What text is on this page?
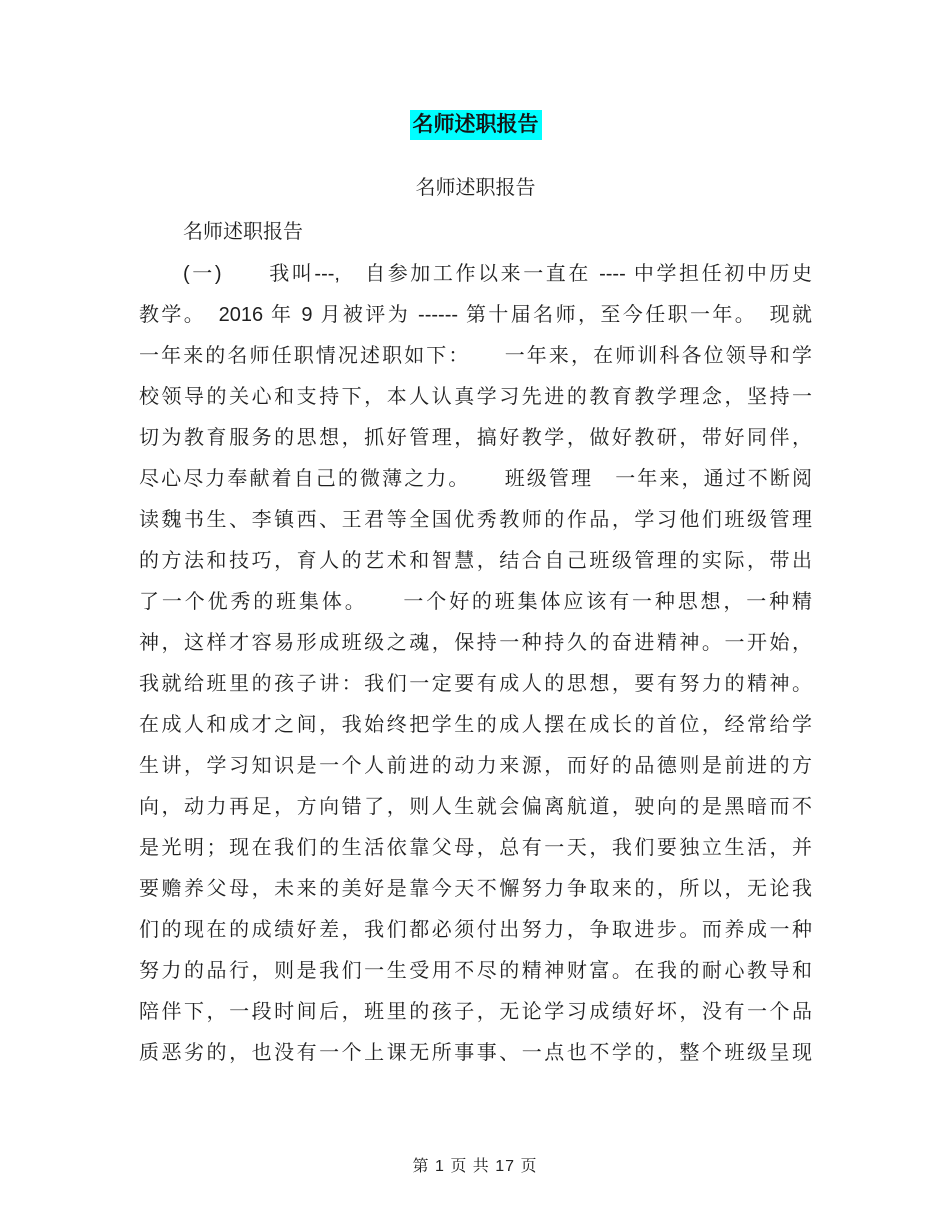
名师述职报告
名师述职报告
名师述职报告
(一)　　我叫---,　自参加工作以来一直在 ---- 中学担任初中历史
教学。　2016 年 9 月被评为 ------ 第十届名师，至今任职一年。　现就
一年来的名师任职情况述职如下：　　一年来，在师训科各位领导和学
校领导的关心和支持下，本人认真学习先进的教育教学理念，坚持一
切为教育服务的思想，抓好管理，搞好教学，做好教研，带好同伴，
尽心尽力奉献着自己的微薄之力。　　班级管理　一年来，通过不断阅
读魏书生、李镇西、王君等全国优秀教师的作品，学习他们班级管理
的方法和技巧，育人的艺术和智慧，结合自己班级管理的实际，带出
了一个优秀的班集体。　　一个好的班集体应该有一种思想，一种精
神，这样才容易形成班级之魂，保持一种持久的奋进精神。一开始，
我就给班里的孩子讲：我们一定要有成人的思想，要有努力的精神。
在成人和成才之间，我始终把学生的成人摆在成长的首位，经常给学
生讲，学习知识是一个人前进的动力来源，而好的品德则是前进的方
向，动力再足，方向错了，则人生就会偏离航道，驶向的是黑暗而不
是光明；现在我们的生活依靠父母，总有一天，我们要独立生活，并
要赡养父母，未来的美好是靠今天不懈努力争取来的，所以，无论我
们的现在的成绩好差，我们都必须付出努力，争取进步。而养成一种
努力的品行，则是我们一生受用不尽的精神财富。在我的耐心教导和
陪伴下，一段时间后，班里的孩子，无论学习成绩好坏，没有一个品
质恶劣的，也没有一个上课无所事事、一点也不学的，整个班级呈现
第 1 页 共 17 页
